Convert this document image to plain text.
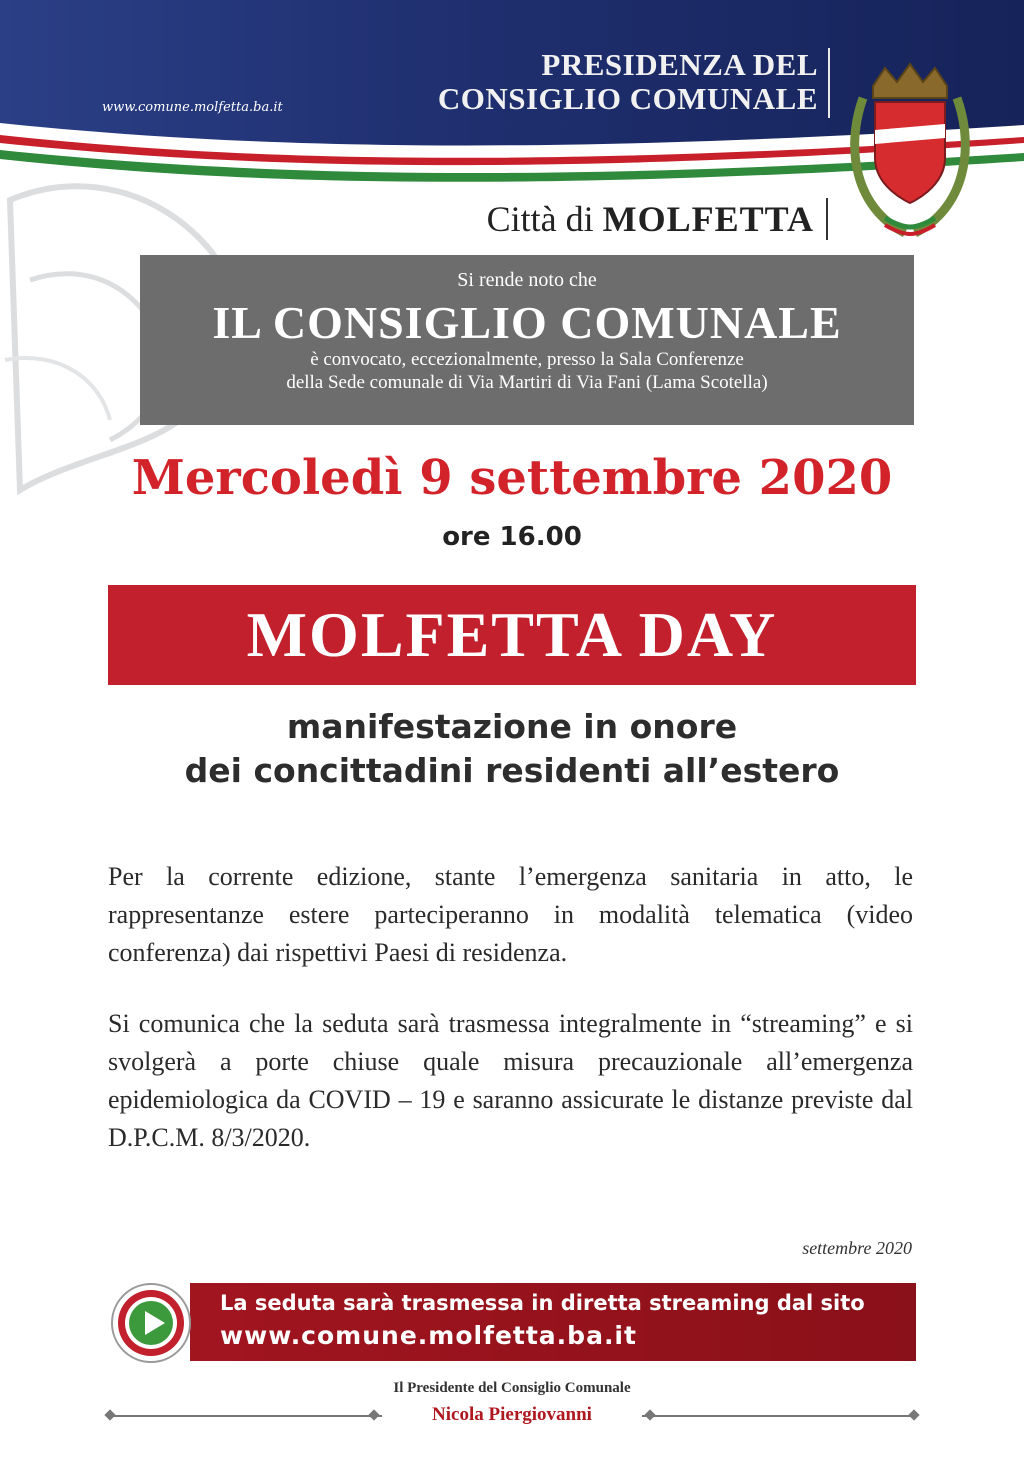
www.comune.molfetta.ba.it
PRESIDENZA DEL
CONSIGLIO COMUNALE
Città di MOLFETTA
Si rende noto che
IL CONSIGLIO COMUNALE
è convocato, eccezionalmente, presso la Sala Conferenze
della Sede comunale di Via Martiri di Via Fani (Lama Scotella)
Mercoledì 9 settembre 2020
ore 16.00
MOLFETTA DAY
manifestazione in onore
dei concittadini residenti all’estero
Per la corrente edizione, stante l’emergenza sanitaria in atto, le rappresentanze estere parteciperanno in modalità telematica (video conferenza) dai rispettivi Paesi di residenza.
Si comunica che la seduta sarà trasmessa integralmente in “streaming” e si svolgerà a porte chiuse quale misura precauzionale all’emergenza epidemiologica da COVID – 19 e saranno assicurate le distanze previste dal D.P.C.M. 8/3/2020.
settembre 2020
La seduta sarà trasmessa in diretta streaming dal sito
www.comune.molfetta.ba.it
Il Presidente del Consiglio Comunale
Nicola Piergiovanni
